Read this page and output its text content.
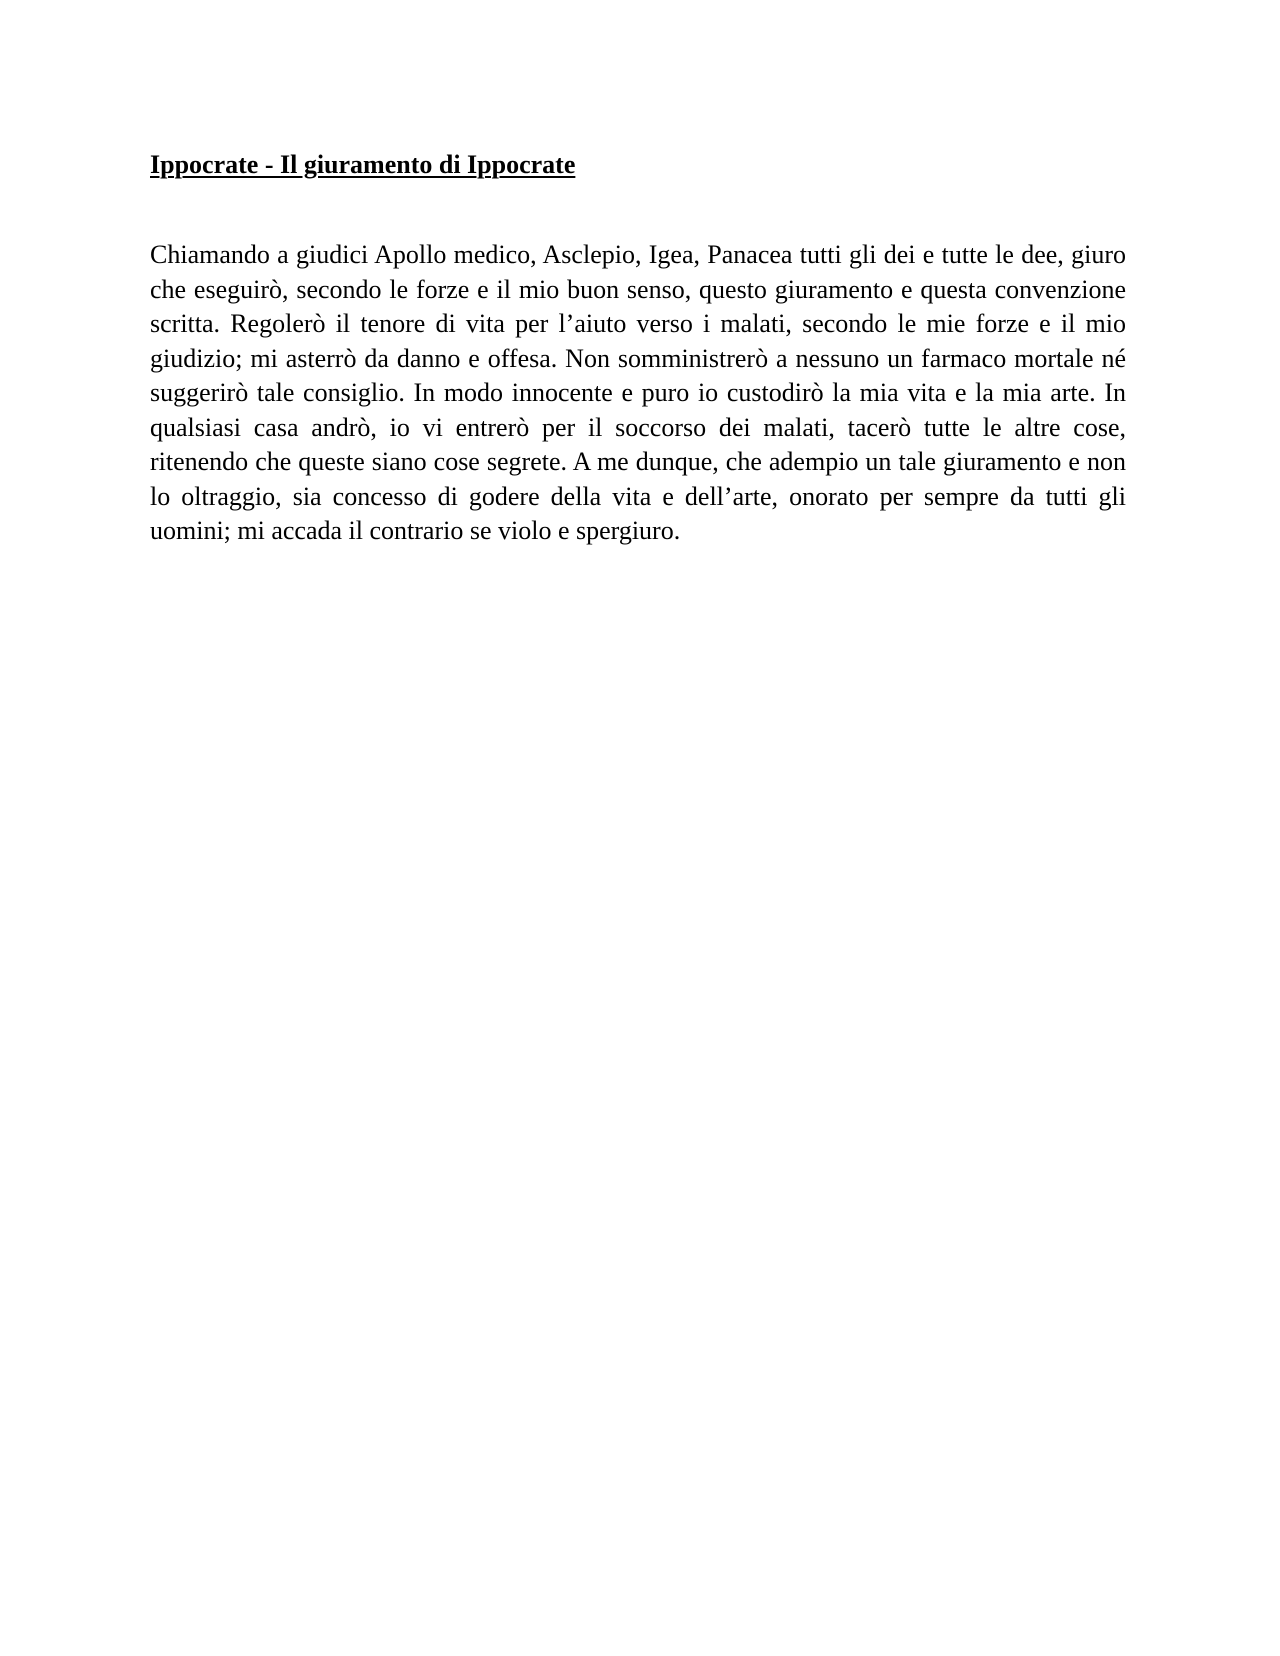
Ippocrate - Il giuramento di Ippocrate

Chiamando a giudici Apollo medico, Asclepio, Igea, Panacea tutti gli dei e tutte le dee, giuro che eseguirò, secondo le forze e il mio buon senso, questo giuramento e questa convenzione scritta. Regolerò il tenore di vita per l’aiuto verso i malati, secondo le mie forze e il mio giudizio; mi asterrò da danno e offesa. Non somministrerò a nessuno un farmaco mortale né suggerirò tale consiglio. In modo innocente e puro io custodirò la mia vita e la mia arte. In qualsiasi casa andrò, io vi entrerò per il soccorso dei malati, tacerò tutte le altre cose, ritenendo che queste siano cose segrete. A me dunque, che adempio un tale giuramento e non lo oltraggio, sia concesso di godere della vita e dell’arte, onorato per sempre da tutti gli uomini; mi accada il contrario se violo e spergiuro.
